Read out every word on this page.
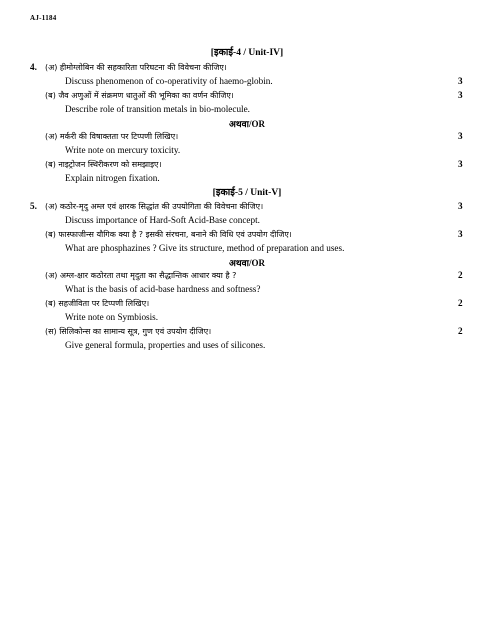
AJ-1184
[इकाई-4 / Unit-IV]
4. (अ) हीमोग्लोबिन की सहकारिता परिघटना की विवेचना कीजिए।
Discuss phenomenon of co-operativity of haemo-globin.	3
(ब) जैव अणुओं में संक्रमण धातुओं की भूमिका का वर्णन कीजिए।	3
Describe role of transition metals in bio-molecule.
अथवा/OR
(अ) मर्करी की विषाक्तता पर टिप्पणी लिखिए।	3
Write note on mercury toxicity.
(ब) नाइट्रोजन स्थिरीकरण को समझाइए।	3
Explain nitrogen fixation.
[इकाई-5 / Unit-V]
5. (अ) कठोर-मृदु अम्ल एवं क्षारक सिद्धांत की उपयोगिता की विवेचना कीजिए।	3
Discuss importance of Hard-Soft Acid-Base concept.
(ब) फास्फाजीन्स यौगिक क्या है ? इसकी संरचना, बनाने की विधि एवं उपयोग दीजिए।	3
What are phosphazines ? Give its structure, method of preparation and uses.
अथवा/OR
(अ) अम्ल-क्षार कठोरता तथा मृदुता का सैद्धान्तिक आधार क्या है ?	2
What is the basis of acid-base hardness and softness?
(ब) सहजीविता पर टिप्पणी लिखिए।	2
Write note on Symbiosis.
(स) सिलिकोन्स का सामान्य सूत्र, गुण एवं उपयोग दीजिए।	2
Give general formula, properties and uses of silicones.
